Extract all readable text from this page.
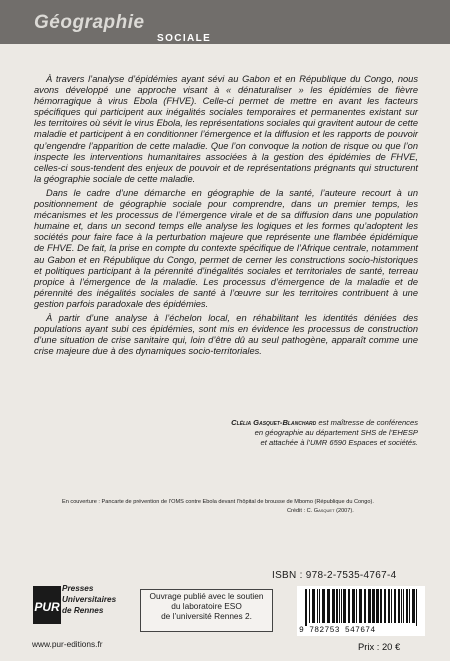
Géographie
SOCIALE

À travers l’analyse d’épidémies ayant sévi au Gabon et en République du Congo, nous avons développé une approche visant à « dénaturaliser » les épidémies de fièvre hémorragique à virus Ebola (FHVE). Celle-ci permet de mettre en avant les facteurs spécifiques qui participent aux inégalités sociales temporaires et permanentes existant sur les territoires où sévit le virus Ebola, les représentations sociales qui gravitent autour de cette maladie et participent à en conditionner l’émergence et la diffusion et les rapports de pouvoir qu’engendre l’apparition de cette maladie. Que l’on convoque la notion de risque ou que l’on inspecte les interventions humanitaires associées à la gestion des épidémies de FHVE, celles-ci sous-tendent des enjeux de pouvoir et de représentations prégnants qui structurent la géographie sociale de cette maladie.

Dans le cadre d’une démarche en géographie de la santé, l’auteure recourt à un positionnement de géographie sociale pour comprendre, dans un premier temps, les mécanismes et les processus de l’émergence virale et de sa diffusion dans une population humaine et, dans un second temps elle analyse les logiques et les formes qu’adoptent les sociétés pour faire face à la perturbation majeure que représente une flambée épidémique de FHVE. De fait, la prise en compte du contexte spécifique de l’Afrique centrale, notamment au Gabon et en République du Congo, permet de cerner les constructions socio-historiques et politiques participant à la pérennité d’inégalités sociales et territoriales de santé, terreau propice à l’émergence de la maladie. Les processus d’émergence de la maladie et de pérennité des inégalités sociales de santé à l’œuvre sur les territoires contribuent à une gestion parfois paradoxale des épidémies.

À partir d’une analyse à l’échelon local, en réhabilitant les identités déniées des populations ayant subi ces épidémies, sont mis en évidence les processus de construction d’une situation de crise sanitaire qui, loin d’être dû au seul pathogène, apparaît comme une crise majeure due à des dynamiques socio-territoriales.

Clélia Gasquet-Blanchard est maîtresse de conférences
en géographie au département SHS de l’EHESP
et attachée à l’UMR 6590 Espaces et sociétés.
En couverture : Pancarte de prévention de l’OMS contre Ebola devant l’hôpital de brousse de Mbomo (République du Congo).
Crédit : C. Gasquet (2007).
PUR
Presses
Universitaires
de Rennes
Ouvrage publié avec le soutien
du laboratoire ESO
de l’université Rennes 2.
www.pur-editions.fr
ISBN : 978-2-7535-4767-4
9 782753 547674
Prix : 20 €
